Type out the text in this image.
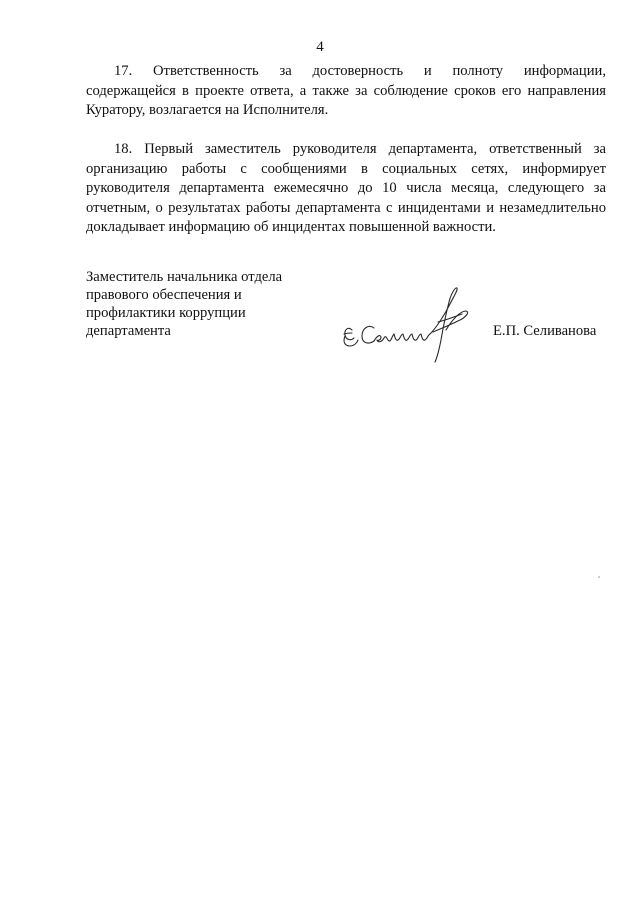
4
17. Ответственность за достоверность и полноту информации,
содержащейся в проекте ответа, а также за соблюдение сроков его направления
Куратору, возлагается на Исполнителя.
18. Первый заместитель руководителя департамента, ответственный за
организацию работы с сообщениями в социальных сетях, информирует
руководителя департамента ежемесячно до 10 числа месяца, следующего за
отчетным, о результатах работы департамента с инцидентами и незамедлительно
докладывает информацию об инцидентах повышенной важности.
Заместитель начальника отдела
правового обеспечения и
профилактики коррупции
департамента	Е.П. Селиванова
